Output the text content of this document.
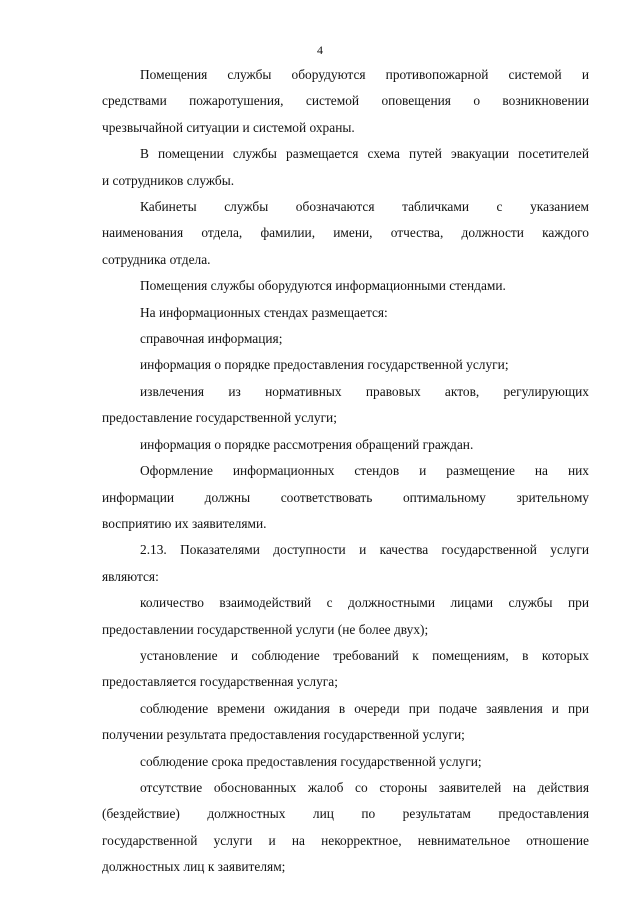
4

Помещения службы оборудуются противопожарной системой и
средствами пожаротушения, системой оповещения о возникновении
чрезвычайной ситуации и системой охраны.

В помещении службы размещается схема путей эвакуации посетителей
и сотрудников службы.

Кабинеты службы обозначаются табличками с указанием
наименования отдела, фамилии, имени, отчества, должности каждого
сотрудника отдела.

Помещения службы оборудуются информационными стендами.

На информационных стендах размещается:

справочная информация;

информация о порядке предоставления государственной услуги;

извлечения из нормативных правовых актов, регулирующих
предоставление государственной услуги;

информация о порядке рассмотрения обращений граждан.

Оформление информационных стендов и размещение на них
информации должны соответствовать оптимальному зрительному
восприятию их заявителями.

2.13. Показателями доступности и качества государственной услуги
являются:

количество взаимодействий с должностными лицами службы при
предоставлении государственной услуги (не более двух);

установление и соблюдение требований к помещениям, в которых
предоставляется государственная услуга;

соблюдение времени ожидания в очереди при подаче заявления и при
получении результата предоставления государственной услуги;

соблюдение срока предоставления государственной услуги;

отсутствие обоснованных жалоб со стороны заявителей на действия
(бездействие) должностных лиц по результатам предоставления
государственной услуги и на некорректное, невнимательное отношение
должностных лиц к заявителям;
